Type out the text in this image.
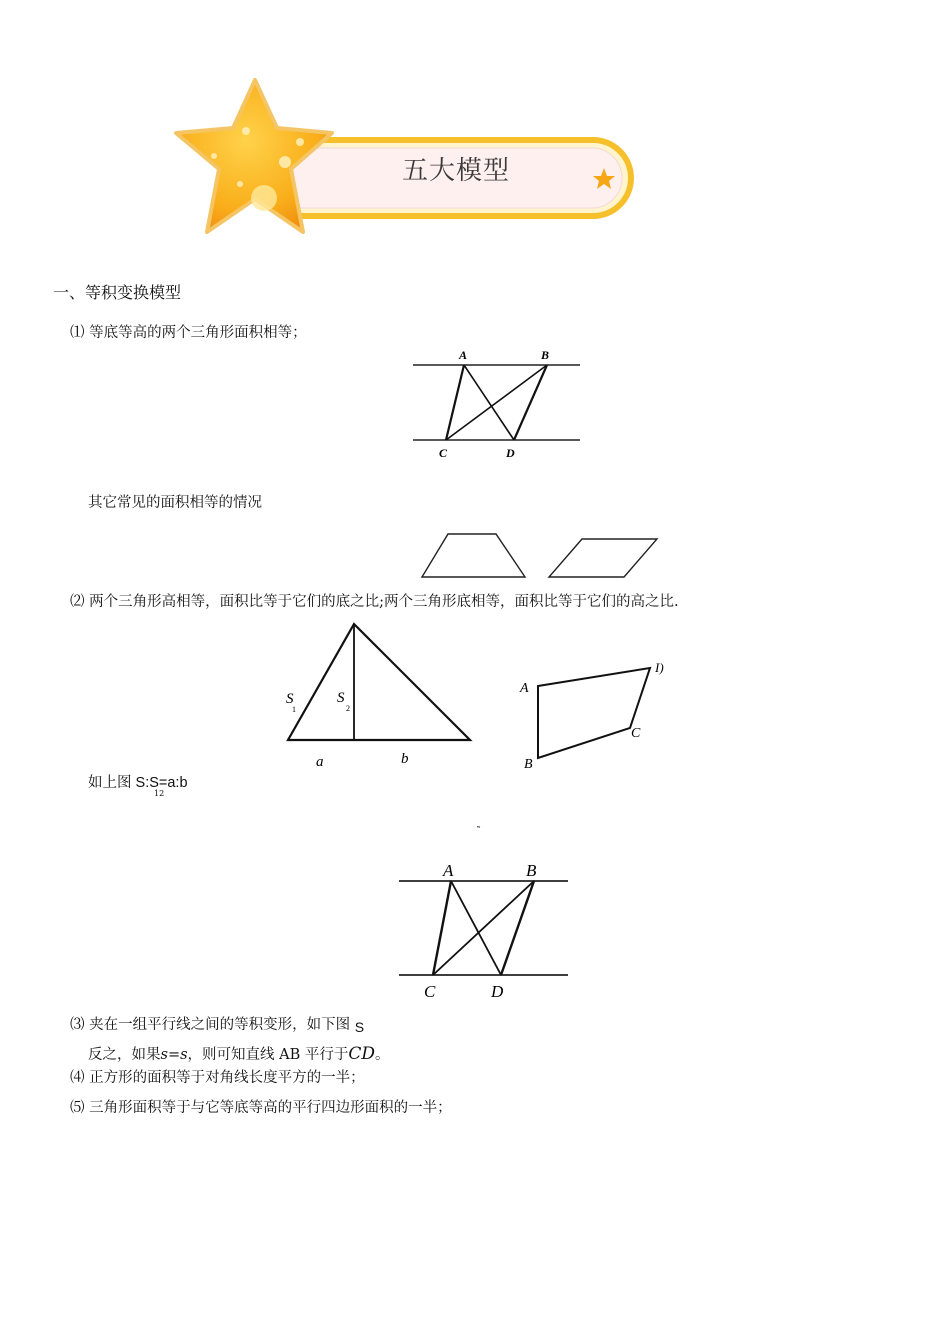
五大模型
一、等积变换模型
⑴ 等底等高的两个三角形面积相等；
A	B
C	D
其它常见的面积相等的情况
⑵ 两个三角形高相等，面积比等于它们的底之比;两个三角形底相等，面积比等于它们的高之比.
S
1
S
2
a	b
A
I)
C
B
如上图 S:S=a:b
12
˜
A	B
C	D
⑶ 夹在一组平行线之间的等积变形，如下图 S
反之，如果s=s，则可知直线 AB 平行于CD。
⑷ 正方形的面积等于对角线长度平方的一半；
⑸ 三角形面积等于与它等底等高的平行四边形面积的一半；
